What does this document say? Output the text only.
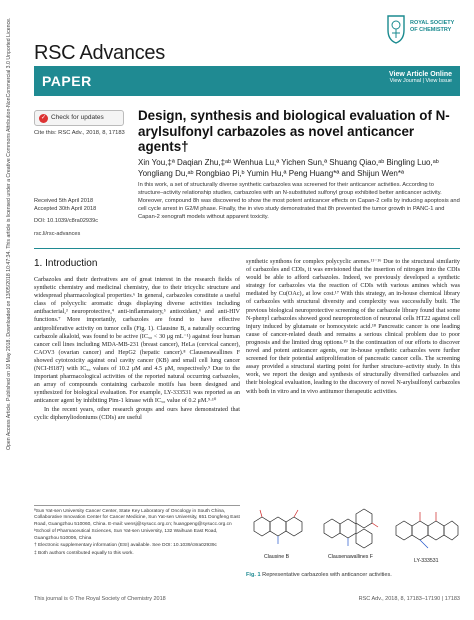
Open Access Article. Published on 10 May 2018. Downloaded on 13/05/2018 10:47:34. This article is licensed under a Creative Commons Attribution-NonCommercial 3.0 Unported Licence. RSC Advances
ROYAL SOCIETY
OF CHEMISTRY
PAPER	View Article Online
View Journal | View Issue
✓ Check for updates
Cite this: RSC Adv., 2018, 8, 17183
Received 5th April 2018
Accepted 30th April 2018
DOI: 10.1039/c8ra02939c
rsc.li/rsc-advances
Design, synthesis and biological evaluation of N-arylsulfonyl carbazoles as novel anticancer agents†
Xin You,‡ª Daqian Zhu,‡ᵃᵇ Wenhua Lu,ª Yichen Sun,ª Shuang Qiao,ᵃᵇ Bingling Luo,ᵃᵇ Yongliang Du,ᵃᵇ Rongbiao Pi,ᵇ Yumin Hu,ª Peng Huang*ª and Shijun Wen*ª
In this work, a set of structurally diverse synthetic carbazoles was screened for their anticancer activities. According to structure–activity relationship studies, carbazoles with an N-substituted sulfonyl group exhibited better anticancer activity. Moreover, compound 8h was discovered to show the most potent anticancer effects on Capan-2 cells by inducing apoptosis and cell cycle arrest in G2/M phase. Finally, the in vivo study demonstrated that 8h prevented the tumor growth in PANC-1 and Capan-2 xenograft models without apparent toxicity.
1. Introduction

Carbazoles and their derivatives are of great interest in the research fields of synthetic chemistry and medicinal chemistry, due to their tricyclic structure and widespread pharmacological properties.⁶ In general, carbazoles constitute a useful class of polycyclic aromatic drugs displaying diverse activities including antibacterial,³ neuroprotective,⁴ anti-inflammatory,⁵ antioxidant,⁶ and anti-HIV functions.⁷ More importantly, carbazoles are found to have effective antiproliferative activity on tumor cells (Fig. 1). Clausine B, a naturally occurring carbazole alkaloid, was found to be active (IC₅₀ < 30 μg mL⁻¹) against four human cancer cell lines including MDA-MB-231 (breast cancer), HeLa (cervical cancer), CAOV3 (ovarian cancer) and HepG2 (hepatic cancer).⁸ Clausenawallines F showed cytotoxicity against oral cavity cancer (KB) and small cell lung cancer (NCI-H187) with IC₅₀ values of 10.2 μM and 4.5 μM, respectively.⁹ Due to the important pharmacological activities of the reported natural occurring carbazoles, an array of compounds containing carbazole motifs has been designed and synthesized for biological evaluation. For example, LY-333531 was reported as an anticancer agent by inhibiting Pim-1 kinase with IC₅₀ value of 0.2 μM.⁹·¹⁰

In the recent years, other research groups and ours have demonstrated that cyclic diphenyliodoniums (CDIs) are useful

synthetic synthons for complex polycyclic arenes.¹¹⁻¹⁶ Due to the structural similarity of carbazoles and CDIs, it was envisioned that the insertion of nitrogen into the CDIs would be able to afford carbazoles. Indeed, we previously developed a synthetic strategy for carbazoles via the reaction of CDIs with various amines which was mediated by Cu(OAc)₂ at low cost.¹⁷ With this strategy, an in-house chemical library of carbazoles with structural diversity and complexity was successfully built. The previous biological neuroprotective screening of the carbazole library found that some N-phenyl carbazoles showed good neuroprotection of neuronal cells HT22 against cell injury induced by glutamate or homocysteic acid.¹⁸ Pancreatic cancer is one leading cause of cancer-related death and remains a serious clinical problem due to poor prognosis and the limited drug options.¹⁹ In the continuation of our efforts to discover novel and potent anticancer agents, our in-house synthetic carbazoles were further screened for their potential antiproliferation of pancreatic cancer cells. The screening assay provided a structural starting point for further structure–activity study. In this work, we report the design and synthesis of structurally diversified carbazoles and their biological evaluation, leading to the discovery of novel N-arylsulfonyl carbazoles with both in vitro and in vivo antitumor therapeutic activities.

ªSun Yat-sen University Cancer Center, State Key Laboratory of Oncology in South China, Collaborative Innovation Center for Cancer Medicine, Sun Yat-sen University, 651 Dongfeng East Road, Guangzhou 510060, China. E-mail: wensj@sysucc.org.cn; huangpeng@sysucc.org.cn
ᵇSchool of Pharmaceutical Sciences, Sun Yat-sen University, 132 Waihuan East Road, Guangzhou 510006, China
† Electronic supplementary information (ESI) available. See DOI: 10.1039/c8ra02939c
‡ Both authors contributed equally to this work.
Clausine B	Clausenawallines F
LY-333531
Fig. 1 Representative carbazoles with anticancer activities.
This journal is © The Royal Society of Chemistry 2018	RSC Adv., 2018, 8, 17183–17190 | 17183
